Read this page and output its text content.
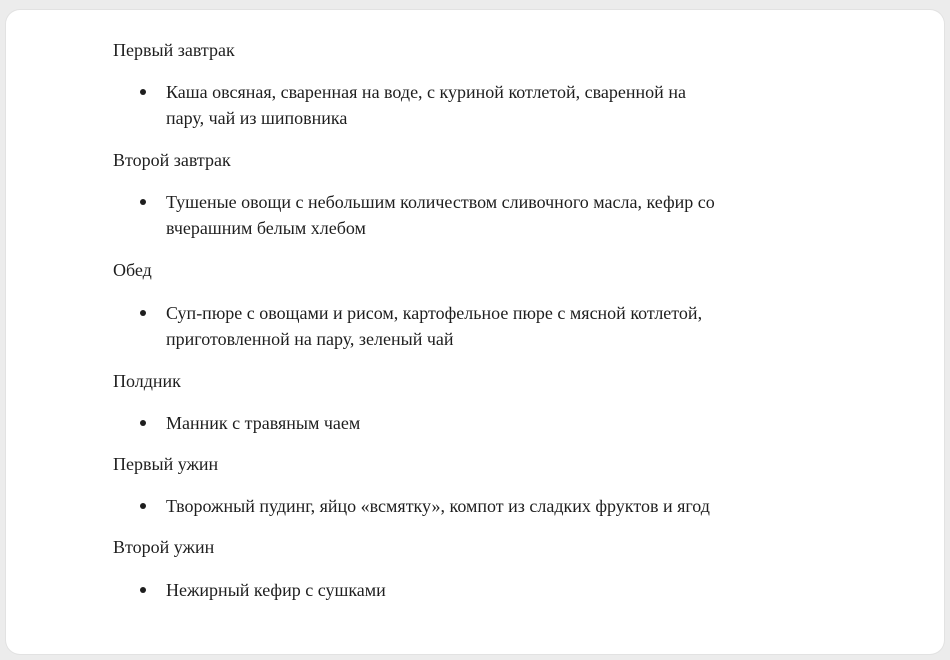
Первый завтрак
Каша овсяная, сваренная на воде, с куриной котлетой, сваренной на
пару, чай из шиповника
Второй завтрак
Тушеные овощи с небольшим количеством сливочного масла, кефир со
вчерашним белым хлебом
Обед
Суп-пюре с овощами и рисом, картофельное пюре с мясной котлетой,
приготовленной на пару, зеленый чай
Полдник
Манник с травяным чаем
Первый ужин
Творожный пудинг, яйцо «всмятку», компот из сладких фруктов и ягод
Второй ужин
Нежирный кефир с сушками
